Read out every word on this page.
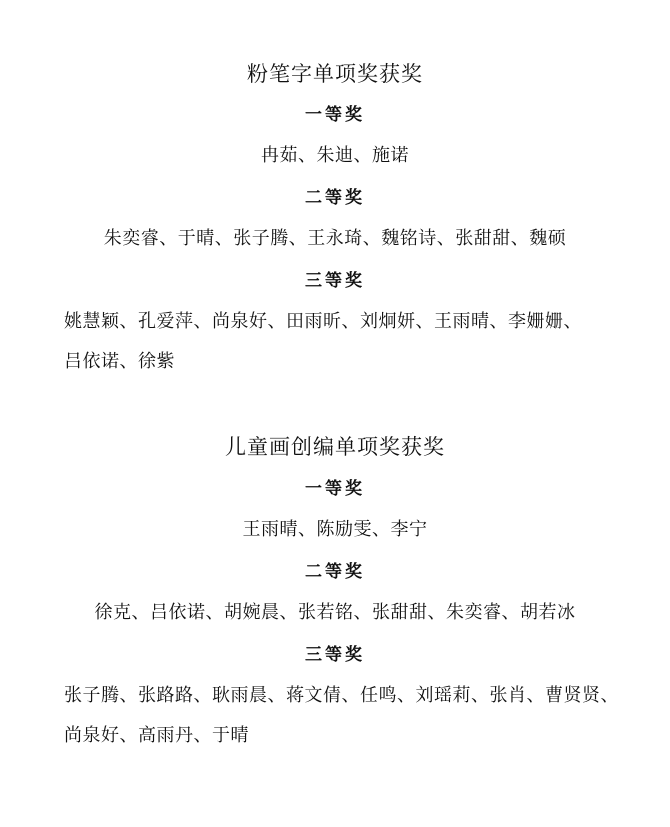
粉笔字单项奖获奖

一等奖

冉茹、朱迪、施诺

二等奖

朱奕睿、于晴、张子腾、王永琦、魏铭诗、张甜甜、魏硕

三等奖

姚慧颖、孔爱萍、尚泉好、田雨昕、刘炯妍、王雨晴、李姗姗、

吕依诺、徐紫

儿童画创编单项奖获奖

一等奖

王雨晴、陈励雯、李宁

二等奖

徐克、吕依诺、胡婉晨、张若铭、张甜甜、朱奕睿、胡若冰

三等奖

张子腾、张路路、耿雨晨、蒋文倩、任鸣、刘瑶莉、张肖、曹贤贤、

尚泉好、高雨丹、于晴
